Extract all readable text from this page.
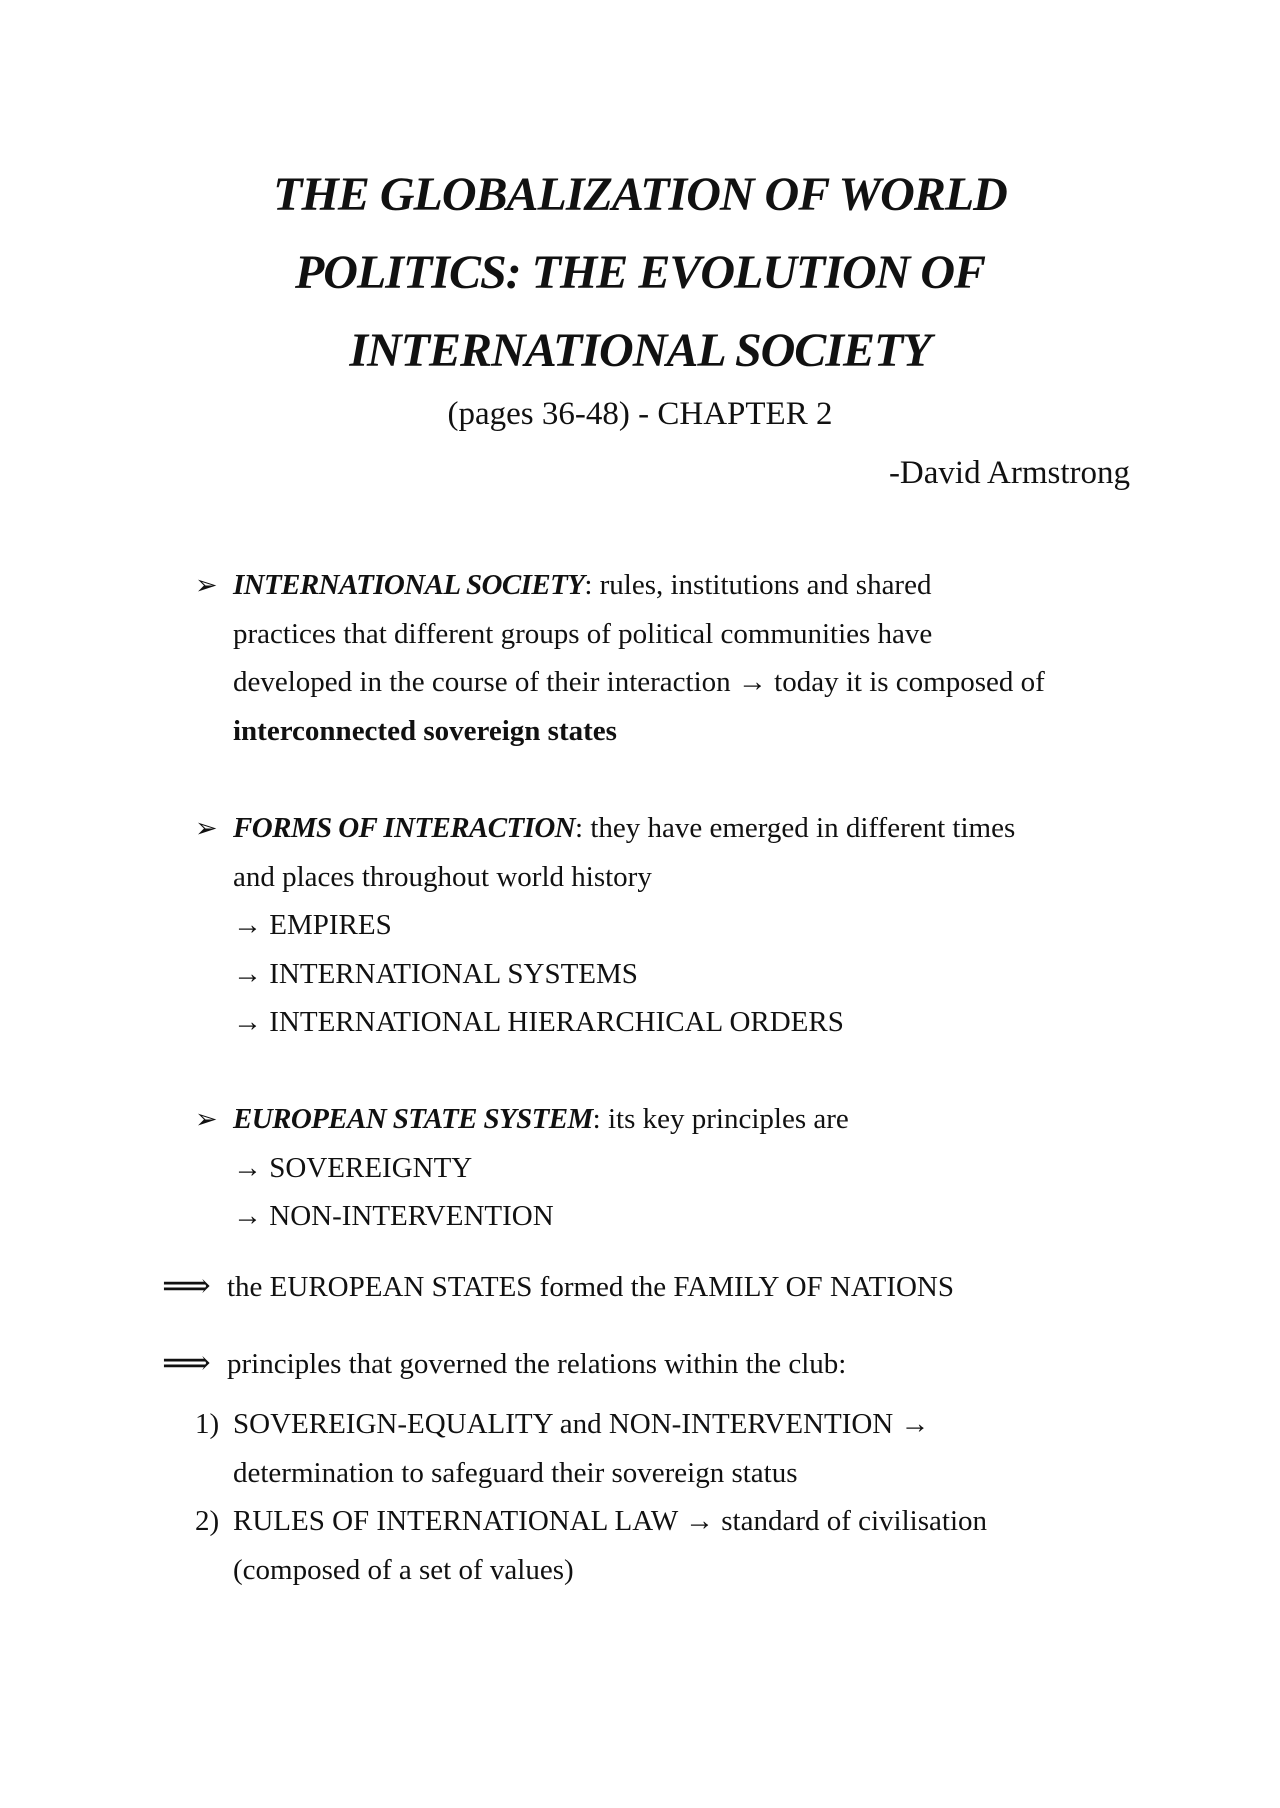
THE GLOBALIZATION OF WORLD
POLITICS: THE EVOLUTION OF
INTERNATIONAL SOCIETY

(pages 36-48) - CHAPTER 2

-David Armstrong

➢ INTERNATIONAL SOCIETY: rules, institutions and shared
practices that different groups of political communities have
developed in the course of their interaction → today it is composed of
interconnected sovereign states
➢ FORMS OF INTERACTION: they have emerged in different times
and places throughout world history
→ EMPIRES
→ INTERNATIONAL SYSTEMS
→ INTERNATIONAL HIERARCHICAL ORDERS
➢ EUROPEAN STATE SYSTEM: its key principles are
→ SOVEREIGNTY
→ NON-INTERVENTION
⟹ the EUROPEAN STATES formed the FAMILY OF NATIONS
⟹ principles that governed the relations within the club:
1) SOVEREIGN-EQUALITY and NON-INTERVENTION →
determination to safeguard their sovereign status
2) RULES OF INTERNATIONAL LAW → standard of civilisation
(composed of a set of values)
